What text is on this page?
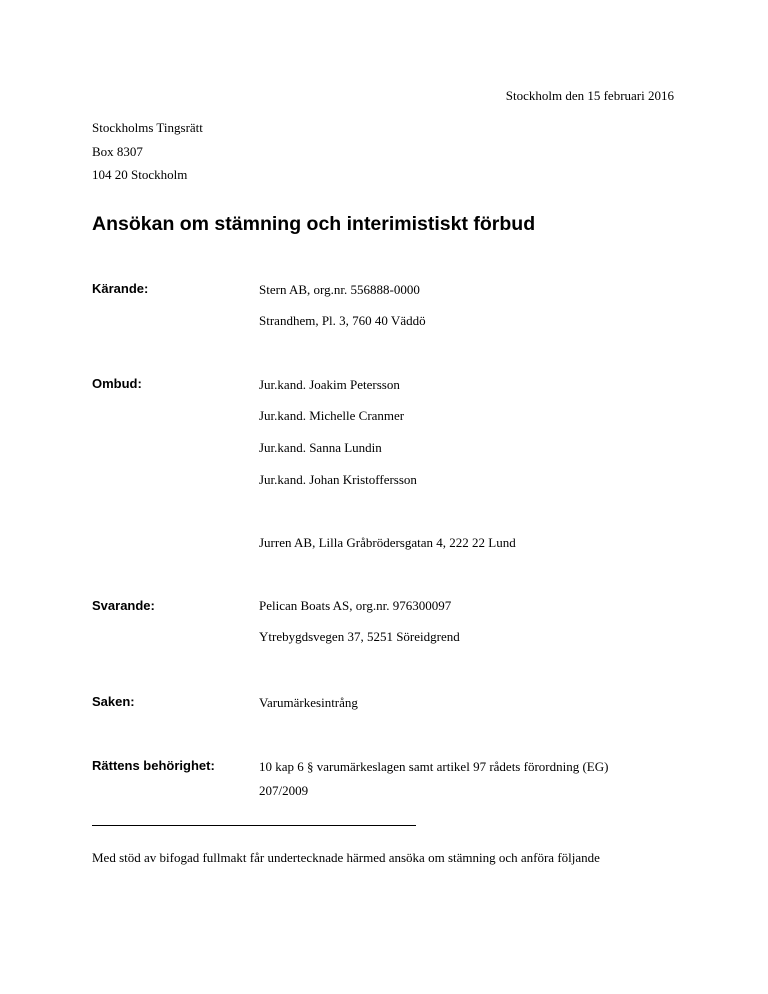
Stockholm den 15 februari 2016
Stockholms Tingsrätt
Box 8307
104 20 Stockholm
Ansökan om stämning och interimistiskt förbud
Kärande:	Stern AB, org.nr. 556888-0000
Strandhem, Pl. 3, 760 40 Väddö
Ombud:	Jur.kand. Joakim Petersson
Jur.kand. Michelle Cranmer
Jur.kand. Sanna Lundin
Jur.kand. Johan Kristoffersson
Jurren AB, Lilla Gråbrödersgatan 4, 222 22 Lund
Svarande:	Pelican Boats AS, org.nr. 976300097
Ytrebygdsvegen 37, 5251 Söreidgrend
Saken:	Varumärkesintrång
Rättens behörighet:	10 kap 6 § varumärkeslagen samt artikel 97 rådets förordning (EG)
207/2009
Med stöd av bifogad fullmakt får undertecknade härmed ansöka om stämning och anföra följande
